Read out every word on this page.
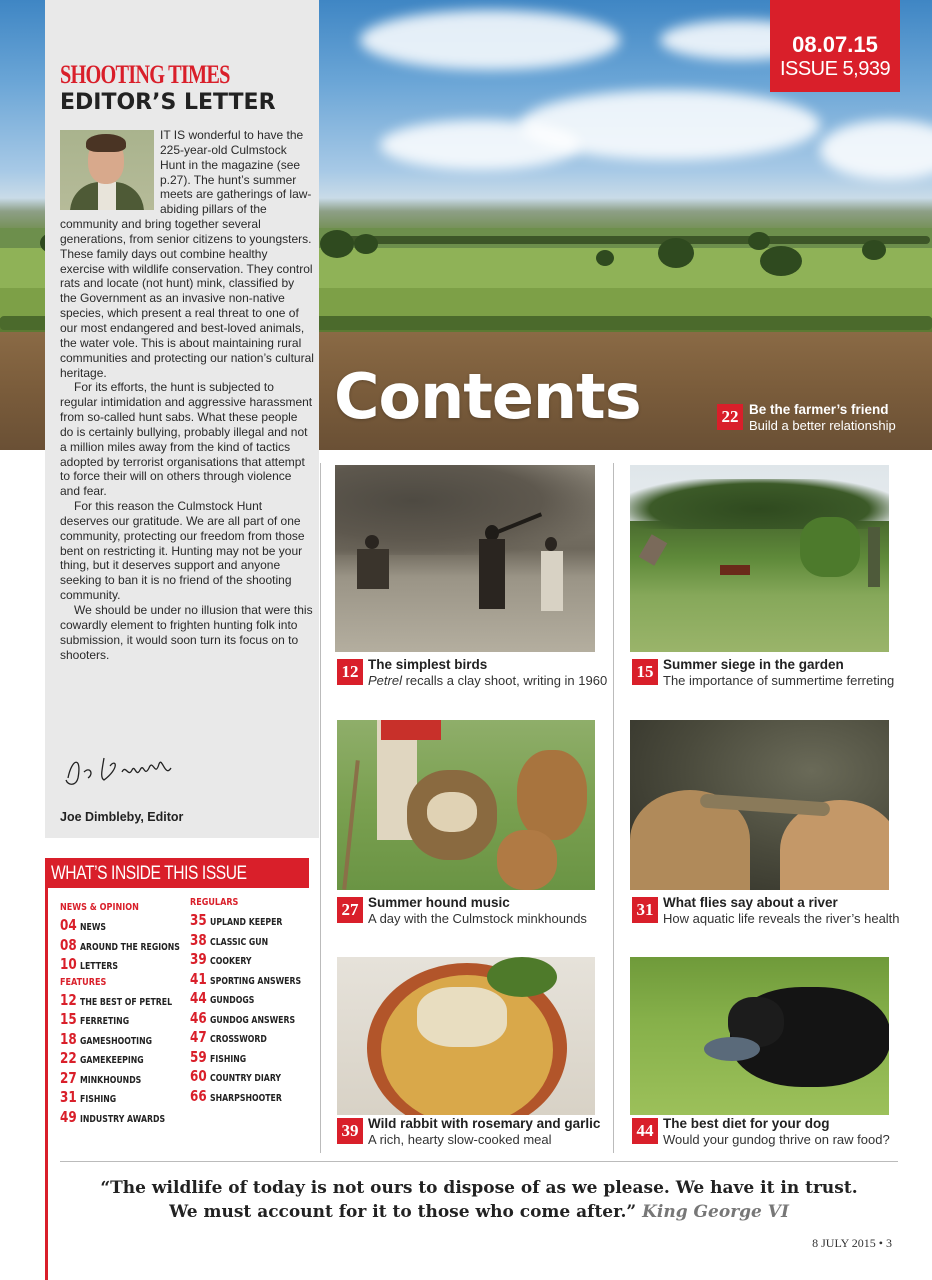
Contents
08.07.15
ISSUE 5,939
22 Be the farmer’s friend
Build a better relationship
SHOOTING TIMES
EDITOR’S LETTER

IT IS wonderful to have the 225-year-old Culmstock Hunt in the magazine (see p.27). The hunt’s summer meets are gatherings of law-abiding pillars of the community and bring together several generations, from senior citizens to youngsters. These family days out combine healthy exercise with wildlife conservation. They control rats and locate (not hunt) mink, classified by the Government as an invasive non-native species, which present a real threat to one of our most endangered and best-loved animals, the water vole. This is about maintaining rural communities and protecting our nation’s cultural heritage.

For its efforts, the hunt is subjected to regular intimidation and aggressive harassment from so-called hunt sabs. What these people do is certainly bullying, probably illegal and not a million miles away from the kind of tactics adopted by terrorist organisations that attempt to force their will on others through violence and fear.

For this reason the Culmstock Hunt deserves our gratitude. We are all part of one community, protecting our freedom from those bent on restricting it. Hunting may not be your thing, but it deserves support and anyone seeking to ban it is no friend of the shooting community.

We should be under no illusion that were this cowardly element to frighten hunting folk into submission, it would soon turn its focus on to shooters.

Joe Dimbleby, Editor
WHAT’S INSIDE THIS ISSUE
NEWS & OPINION
04 NEWS
08 AROUND THE REGIONS
10 LETTERS
FEATURES
12 THE BEST OF PETREL
15 FERRETING
18 GAMESHOOTING
22 GAMEKEEPING
27 MINKHOUNDS
31 FISHING
49 INDUSTRY AWARDS
REGULARS
35 UPLAND KEEPER
38 CLASSIC GUN
39 COOKERY
41 SPORTING ANSWERS
44 GUNDOGS
46 GUNDOG ANSWERS
47 CROSSWORD
59 FISHING
60 COUNTRY DIARY
66 SHARPSHOOTER
12 The simplest birds
Petrel recalls a clay shoot, writing in 1960 15 Summer siege in the garden
The importance of summertime ferreting
27 Summer hound music
A day with the Culmstock minkhounds	31 What flies say about a river
How aquatic life reveals the river’s health
39 Wild rabbit with rosemary and garlic
A rich, hearty slow-cooked meal	44 The best diet for your dog
Would your gundog thrive on raw food?
“The wildlife of today is not ours to dispose of as we please. We have it in trust.
We must account for it to those who come after.” King George VI
8 JULY 2015 • 3
